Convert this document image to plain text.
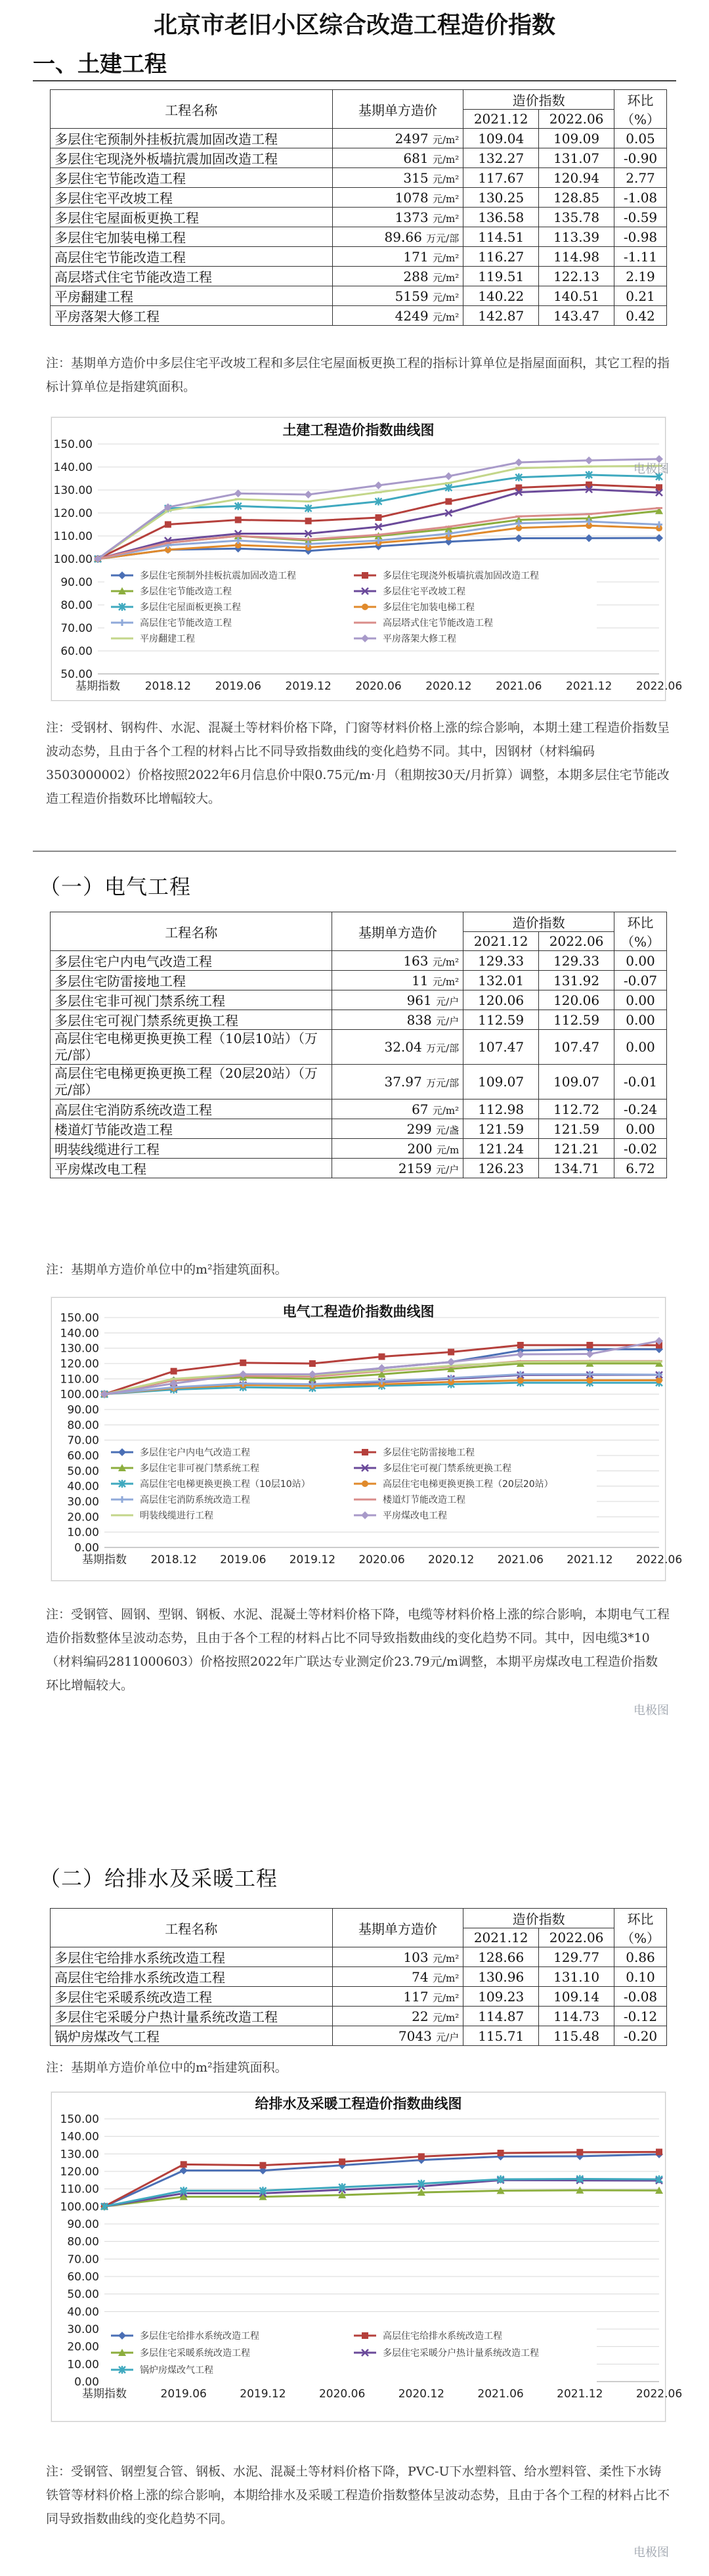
北京市老旧小区综合改造工程造价指数
一、土建工程
工程名称	基期单方造价	造价指数		环比（%）
		2021.12	2022.06	
多层住宅预制外挂板抗震加固改造工程	2497 元/m²	109.04	109.09	0.05
多层住宅现浇外板墙抗震加固改造工程	681 元/m²	132.27	131.07	-0.90
多层住宅节能改造工程	315 元/m²	117.67	120.94	2.77
多层住宅平改坡工程	1078 元/m²	130.25	128.85	-1.08
多层住宅屋面板更换工程	1373 元/m²	136.58	135.78	-0.59
多层住宅加装电梯工程	89.66 万元/部	114.51	113.39	-0.98
高层住宅节能改造工程	171 元/m²	116.27	114.98	-1.11
高层塔式住宅节能改造工程	288 元/m²	119.51	122.13	2.19
平房翻建工程	5159 元/m²	140.22	140.51	0.21
平房落架大修工程	4249 元/m²	142.87	143.47	0.42

注：基期单方造价中多层住宅平改坡工程和多层住宅屋面板更换工程的指标计算单位是指屋面面积，其它工程的指标计算单位是指建筑面积。

50.00
60.00
70.00
80.00
90.00
100.00
110.00
120.00
130.00
140.00
150.00
基期指数 2018.12 2019.06 2019.12 2020.06 2020.12 2021.06 2021.12 2022.06
土建工程造价指数曲线图
多层住宅预制外挂板抗震加固改造工程	多层住宅现浇外板墙抗震加固改造工程
多层住宅节能改造工程	多层住宅平改坡工程
多层住宅屋面板更换工程	多层住宅加装电梯工程
高层住宅节能改造工程	高层塔式住宅节能改造工程
平房翻建工程	平房落架大修工程
电极图

注：受钢材、钢构件、水泥、混凝土等材料价格下降，门窗等材料价格上涨的综合影响，本期土建工程造价指数呈波动态势，且由于各个工程的材料占比不同导致指数曲线的变化趋势不同。其中，因钢材（材料编码3503000002）价格按照2022年6月信息价中限0.75元/m·月（租期按30天/月折算）调整，本期多层住宅节能改造工程造价指数环比增幅较大。

（一）电气工程
工程名称	基期单方造价	造价指数		环比（%）
		2021.12	2022.06	
多层住宅户内电气改造工程	163 元/m²	129.33	129.33	0.00
多层住宅防雷接地工程	11 元/m²	132.01	131.92	-0.07
多层住宅非可视门禁系统工程	961 元/户	120.06	120.06	0.00
多层住宅可视门禁系统更换工程	838 元/户	112.59	112.59	0.00
高层住宅电梯更换更换工程（10层10站）（万元/部）	32.04 万元/部	107.47	107.47	0.00
高层住宅电梯更换更换工程（20层20站）（万元/部）	37.97 万元/部	109.07	109.07	-0.01
高层住宅消防系统改造工程	67 元/m²	112.98	112.72	-0.24
楼道灯节能改造工程	299 元/盏	121.59	121.59	0.00
明装线缆进行工程	200 元/m	121.24	121.21	-0.02
平房煤改电工程	2159 元/户	126.23	134.71	6.72

注：基期单方造价单位中的m²指建筑面积。

0.00
10.00
20.00
30.00
40.00
50.00
60.00
70.00
80.00
90.00
100.00
110.00
120.00
130.00
140.00
150.00
基期指数 2018.12 2019.06 2019.12 2020.06 2020.12 2021.06 2021.12 2022.06
电气工程造价指数曲线图
多层住宅户内电气改造工程	多层住宅防雷接地工程
多层住宅非可视门禁系统工程	多层住宅可视门禁系统更换工程
高层住宅电梯更换更换工程（10层10站）	高层住宅电梯更换更换工程（20层20站）
高层住宅消防系统改造工程	楼道灯节能改造工程
明装线缆进行工程	平房煤改电工程

注：受钢管、圆钢、型钢、钢板、水泥、混凝土等材料价格下降，电缆等材料价格上涨的综合影响，本期电气工程造价指数整体呈波动态势，且由于各个工程的材料占比不同导致指数曲线的变化趋势不同。其中，因电缆3*10（材料编码2811000603）价格按照2022年广联达专业测定价23.79元/m调整，本期平房煤改电工程造价指数环比增幅较大。

电极图
（二）给排水及采暖工程
工程名称	基期单方造价	造价指数		环比（%）
		2021.12	2022.06	
多层住宅给排水系统改造工程	103 元/m²	128.66	129.77	0.86
高层住宅给排水系统改造工程	74 元/m²	130.96	131.10	0.10
多层住宅采暖系统改造工程	117 元/m²	109.23	109.14	-0.08
多层住宅采暖分户热计量系统改造工程	22 元/m²	114.87	114.73	-0.12
锅炉房煤改气工程	7043 元/户	115.71	115.48	-0.20

注：基期单方造价单位中的m²指建筑面积。

0.00
10.00
20.00
30.00
40.00
50.00
60.00
70.00
80.00
90.00
100.00
110.00
120.00
130.00
140.00
150.00
基期指数	2019.06	2019.12	2020.06	2020.12	2021.06	2021.12	2022.06
给排水及采暖工程造价指数曲线图
多层住宅给排水系统改造工程	高层住宅给排水系统改造工程
多层住宅采暖系统改造工程	多层住宅采暖分户热计量系统改造工程
锅炉房煤改气工程

注：受钢管、钢塑复合管、钢板、水泥、混凝土等材料价格下降，PVC-U下水塑料管、给水塑料管、柔性下水铸铁管等材料价格上涨的综合影响，本期给排水及采暖工程造价指数整体呈波动态势，且由于各个工程的材料占比不同导致指数曲线的变化趋势不同。

电极图
